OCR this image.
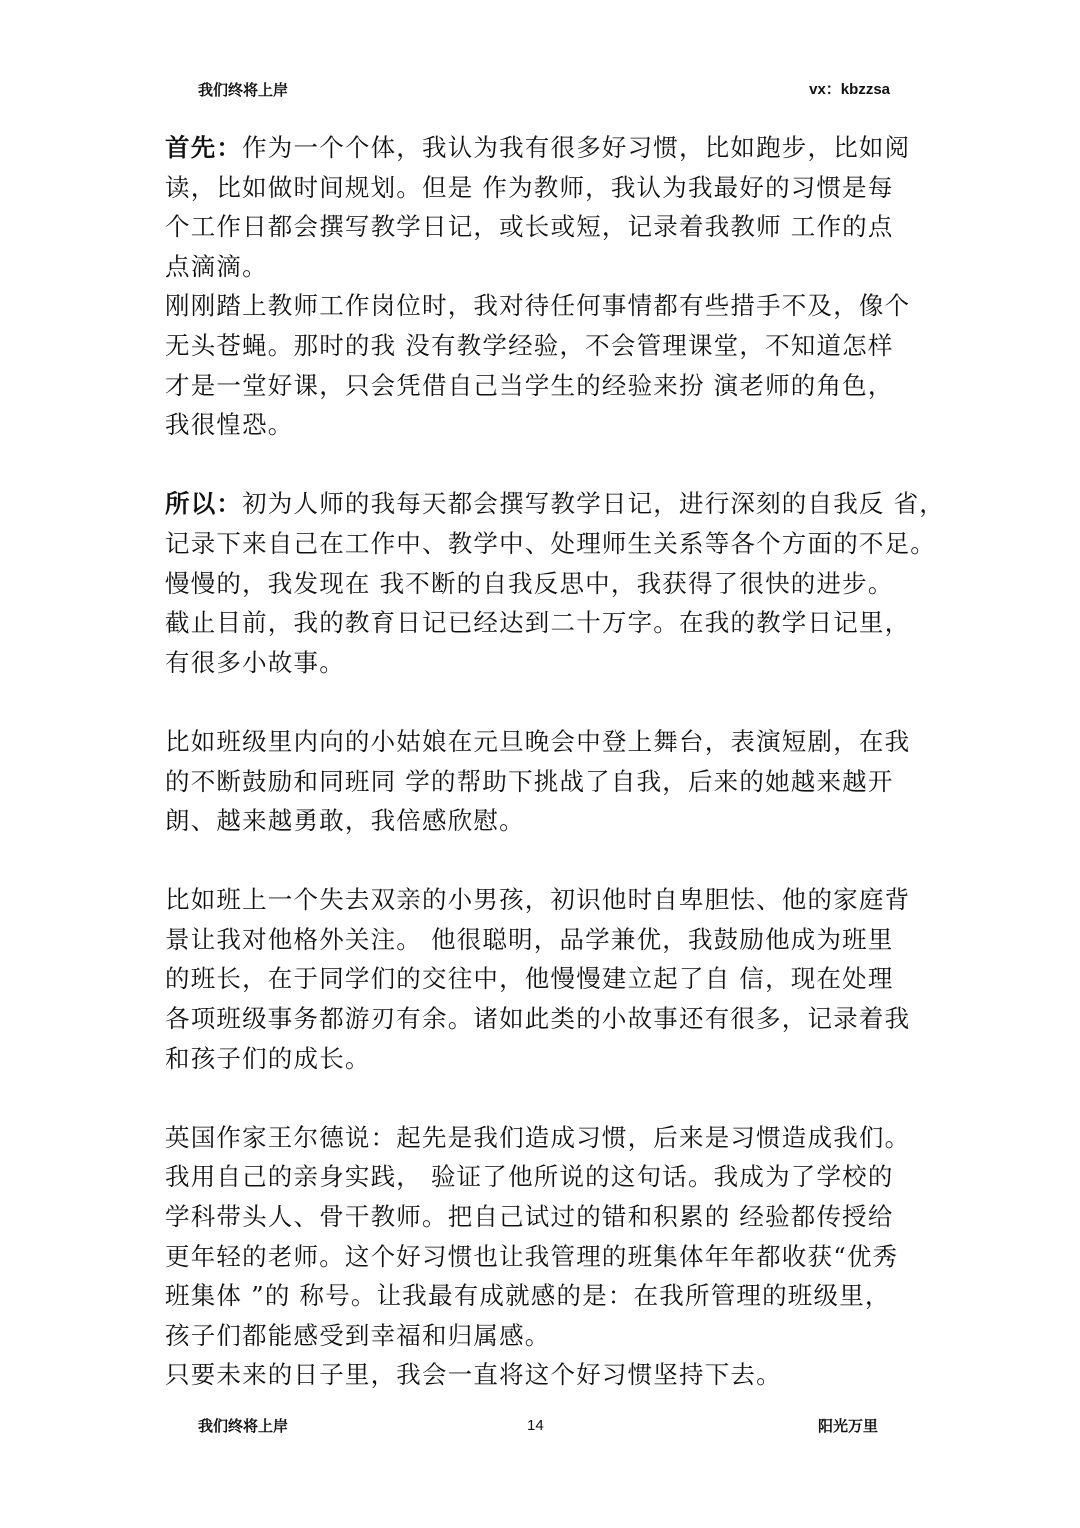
我们终将上岸	vx：kbzzsa
首先：作为一个个体，我认为我有很多好习惯，比如跑步，比如阅
读，比如做时间规划。但是 作为教师，我认为我最好的习惯是每
个工作日都会撰写教学日记，或长或短，记录着我教师 工作的点
点滴滴。
刚刚踏上教师工作岗位时，我对待任何事情都有些措手不及，像个
无头苍蝇。那时的我 没有教学经验，不会管理课堂，不知道怎样
才是一堂好课，只会凭借自己当学生的经验来扮 演老师的角色，
我很惶恐。
所以：初为人师的我每天都会撰写教学日记，进行深刻的自我反 省，
记录下来自己在工作中、教学中、处理师生关系等各个方面的不足。
慢慢的，我发现在 我不断的自我反思中，我获得了很快的进步。
截止目前，我的教育日记已经达到二十万字。在我的教学日记里，
有很多小故事。
比如班级里内向的小姑娘在元旦晚会中登上舞台，表演短剧，在我
的不断鼓励和同班同 学的帮助下挑战了自我，后来的她越来越开
朗、越来越勇敢，我倍感欣慰。
比如班上一个失去双亲的小男孩，初识他时自卑胆怯、他的家庭背
景让我对他格外关注。 他很聪明，品学兼优，我鼓励他成为班里
的班长，在于同学们的交往中，他慢慢建立起了自 信，现在处理
各项班级事务都游刃有余。诸如此类的小故事还有很多，记录着我
和孩子们的成长。
英国作家王尔德说：起先是我们造成习惯，后来是习惯造成我们。
我用自己的亲身实践， 验证了他所说的这句话。我成为了学校的
学科带头人、骨干教师。把自己试过的错和积累的 经验都传授给
更年轻的老师。这个好习惯也让我管理的班集体年年都收获“优秀
班集体 ”的 称号。让我最有成就感的是：在我所管理的班级里，
孩子们都能感受到幸福和归属感。
只要未来的日子里，我会一直将这个好习惯坚持下去。
我们终将上岸	14	阳光万里
